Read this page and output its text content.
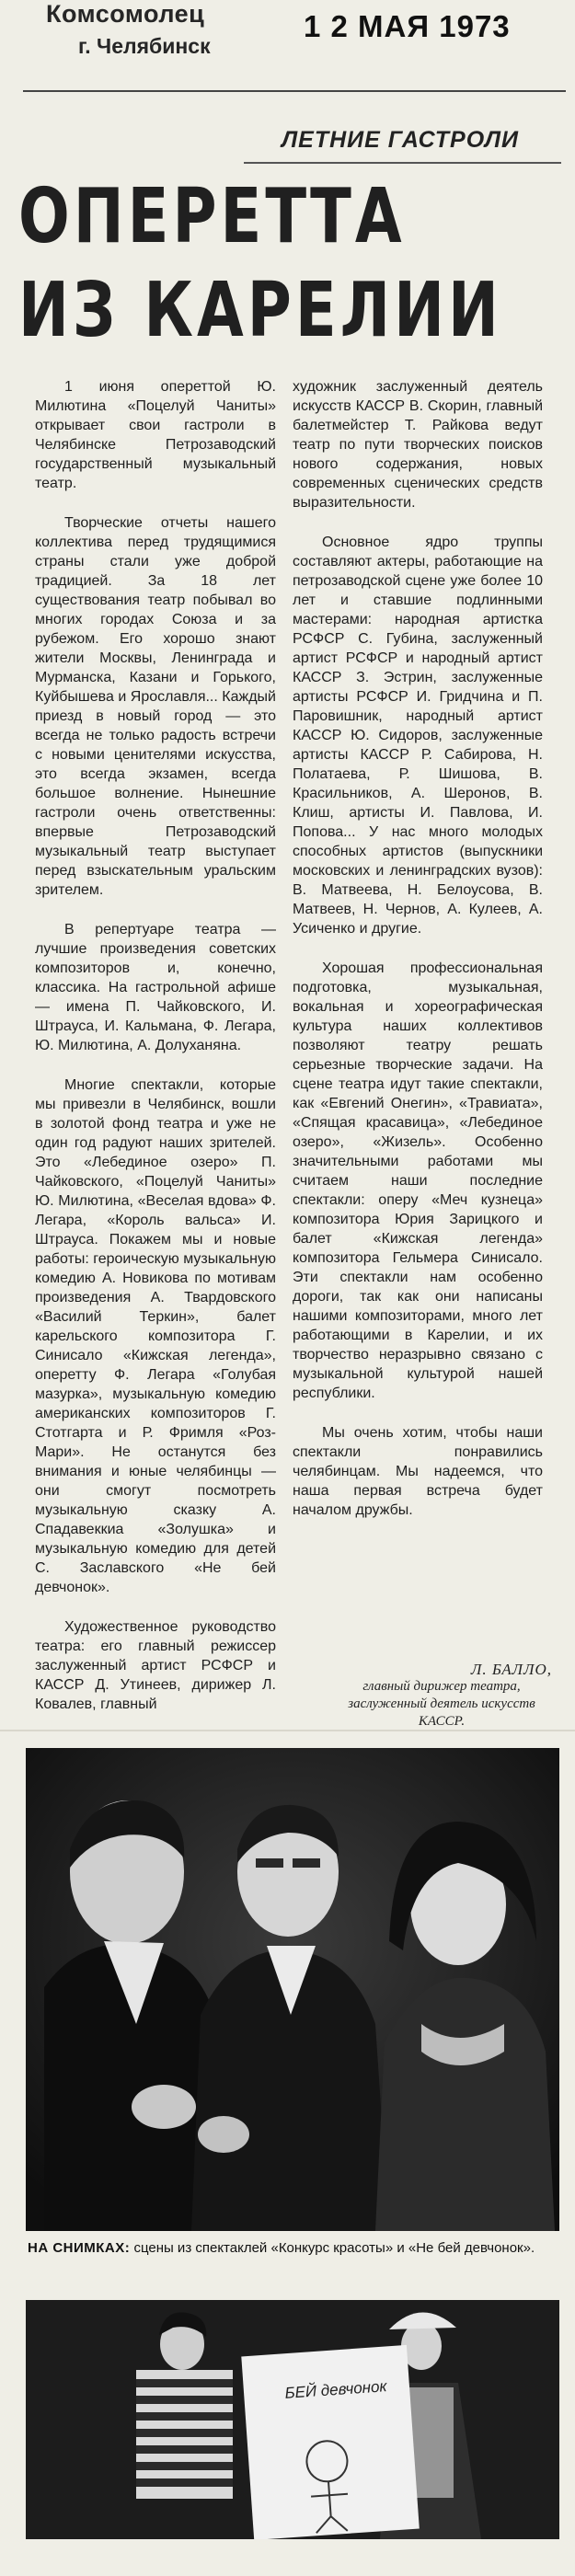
Комсомолец
г. Челябинск
1 2 МАЯ 1973
ЛЕТНИЕ ГАСТРОЛИ
ОПЕРЕТТА
ИЗ КАРЕЛИИ

1 июня опереттой Ю. Милютина «Поцелуй Чаниты» открывает свои гастроли в Челябинске Петрозаводский государственный музыкальный театр.

Творческие отчеты нашего коллектива перед трудящимися страны стали уже доброй традицией. За 18 лет существования театр побывал во многих городах Союза и за рубежом. Его хорошо знают жители Москвы, Ленинграда и Мурманска, Казани и Горького, Куйбышева и Ярославля... Каждый приезд в новый город — это всегда не только радость встречи с новыми ценителями искусства, это всегда экзамен, всегда большое волнение. Нынешние гастроли очень ответственны: впервые Петрозаводский музыкальный театр выступает перед взыскательным уральским зрителем.

В репертуаре театра — лучшие произведения советских композиторов и, конечно, классика. На гастрольной афише — имена П. Чайковского, И. Штрауса, И. Кальмана, Ф. Легара, Ю. Милютина, А. Долуханяна.

Многие спектакли, которые мы привезли в Челябинск, вошли в золотой фонд театра и уже не один год радуют наших зрителей. Это «Лебединое озеро» П. Чайковского, «Поцелуй Чаниты» Ю. Милютина, «Веселая вдова» Ф. Легара, «Король вальса» И. Штрауса. Покажем мы и новые работы: героическую музыкальную комедию А. Новикова по мотивам произведения А. Твардовского «Василий Теркин», балет карельского композитора Г. Синисало «Кижская легенда», оперетту Ф. Легара «Голубая мазурка», музыкальную комедию американских композиторов Г. Стотгарта и Р. Фримля «Роз-Мари». Не останутся без внимания и юные челябинцы — они смогут посмотреть музыкальную сказку А. Спадавеккиа «Золушка» и музыкальную комедию для детей С. Заславского «Не бей девчонок».

Художественное руководство театра: его главный режиссер заслуженный артист РСФСР и КАССР Д. Утинеев, дирижер Л. Ковалев, главный

художник заслуженный деятель искусств КАССР В. Скорин, главный балетмейстер Т. Райкова ведут театр по пути творческих поисков нового содержания, новых современных сценических средств выразительности.

Основное ядро труппы составляют актеры, работающие на петрозаводской сцене уже более 10 лет и ставшие подлинными мастерами: народная артистка РСФСР С. Губина, заслуженный артист РСФСР и народный артист КАССР З. Эстрин, заслуженные артисты РСФСР И. Гридчина и П. Паровишник, народный артист КАССР Ю. Сидоров, заслуженные артисты КАССР Р. Сабирова, Н. Полатаева, Р. Шишова, В. Красильников, А. Шеронов, В. Клиш, артисты И. Павлова, И. Попова... У нас много молодых способных артистов (выпускники московских и ленинградских вузов): В. Матвеева, Н. Белоусова, В. Матвеев, Н. Чернов, А. Кулеев, А. Усиченко и другие.

Хорошая профессиональная подготовка, музыкальная, вокальная и хореографическая культура наших коллективов позволяют театру решать серьезные творческие задачи. На сцене театра идут такие спектакли, как «Евгений Онегин», «Травиата», «Спящая красавица», «Лебединое озеро», «Жизель». Особенно значительными работами мы считаем наши последние спектакли: оперу «Меч кузнеца» композитора Юрия Зарицкого и балет «Кижская легенда» композитора Гельмера Синисало. Эти спектакли нам особенно дороги, так как они написаны нашими композиторами, много лет работающими в Карелии, и их творчество неразрывно связано с музыкальной культурой нашей республики.

Мы очень хотим, чтобы наши спектакли понравились челябинцам. Мы надеемся, что наша первая встреча будет началом дружбы.

Л. БАЛЛО,
главный дирижер театра, заслуженный деятель искусств КАССР.
НА СНИМКАХ: сцены из спектаклей «Конкурс красоты» и «Не бей девчонок».
БЕЙ девчонок
